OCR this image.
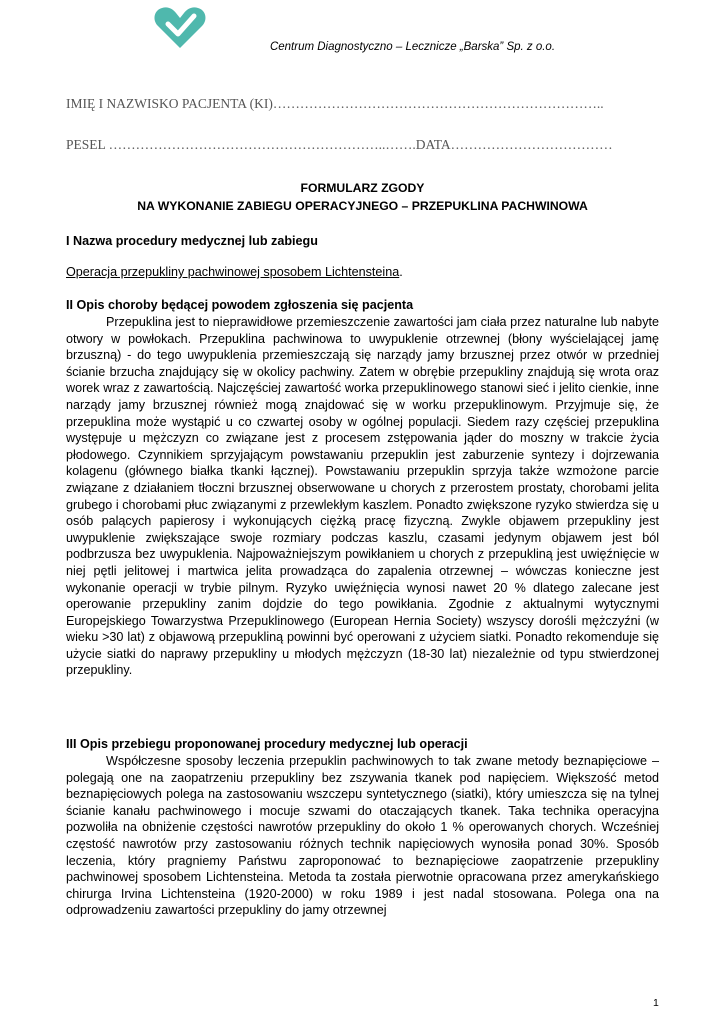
Centrum Diagnostyczno – Lecznicze „Barska” Sp. z o.o.
IMIĘ I NAZWISKO PACJENTA (KI)………………………………………………………………..
PESEL ……………………………………………………..…….DATA………………………………
FORMULARZ ZGODY
NA WYKONANIE ZABIEGU OPERACYJNEGO – PRZEPUKLINA PACHWINOWA
I Nazwa procedury medycznej lub zabiegu
Operacja przepukliny pachwinowej sposobem Lichtensteina.
II Opis choroby będącej powodem zgłoszenia się pacjenta

Przepuklina jest to nieprawidłowe przemieszczenie zawartości jam ciała przez naturalne lub nabyte otwory w powłokach. Przepuklina pachwinowa to uwypuklenie otrzewnej (błony wyścielającej jamę brzuszną) - do tego uwypuklenia przemieszczają się narządy jamy brzusznej przez otwór w przedniej ścianie brzucha znajdujący się w okolicy pachwiny. Zatem w obrębie przepukliny znajdują się wrota oraz worek wraz z zawartością. Najczęściej zawartość worka przepuklinowego stanowi sieć i jelito cienkie, inne narządy jamy brzusznej również mogą znajdować się w worku przepuklinowym. Przyjmuje się, że przepuklina może wystąpić u co czwartej osoby w ogólnej populacji. Siedem razy częściej przepuklina występuje u mężczyzn co związane jest z procesem zstępowania jąder do moszny w trakcie życia płodowego. Czynnikiem sprzyjającym powstawaniu przepuklin jest zaburzenie syntezy i dojrzewania kolagenu (głównego białka tkanki łącznej). Powstawaniu przepuklin sprzyja także wzmożone parcie związane z działaniem tłoczni brzusznej obserwowane u chorych z przerostem prostaty, chorobami jelita grubego i chorobami płuc związanymi z przewlekłym kaszlem. Ponadto zwiększone ryzyko stwierdza się u osób palących papierosy i wykonujących ciężką pracę fizyczną. Zwykle objawem przepukliny jest uwypuklenie zwiększające swoje rozmiary podczas kaszlu, czasami jedynym objawem jest ból podbrzusza bez uwypuklenia. Najpoważniejszym powikłaniem u chorych z przepukliną jest uwięźnięcie w niej pętli jelitowej i martwica jelita prowadząca do zapalenia otrzewnej – wówczas konieczne jest wykonanie operacji w trybie pilnym. Ryzyko uwięźnięcia wynosi nawet 20 % dlatego zalecane jest operowanie przepukliny zanim dojdzie do tego powikłania. Zgodnie z aktualnymi wytycznymi Europejskiego Towarzystwa Przepuklinowego (European Hernia Society) wszyscy dorośli mężczyźni (w wieku >30 lat) z objawową przepukliną powinni być operowani z użyciem siatki. Ponadto rekomenduje się użycie siatki do naprawy przepukliny u młodych mężczyzn (18-30 lat) niezależnie od typu stwierdzonej przepukliny.

III Opis przebiegu proponowanej procedury medycznej lub operacji

Współczesne sposoby leczenia przepuklin pachwinowych to tak zwane metody beznapięciowe – polegają one na zaopatrzeniu przepukliny bez zszywania tkanek pod napięciem. Większość metod beznapięciowych polega na zastosowaniu wszczepu syntetycznego (siatki), który umieszcza się na tylnej ścianie kanału pachwinowego i mocuje szwami do otaczających tkanek. Taka technika operacyjna pozwoliła na obniżenie częstości nawrotów przepukliny do około 1 % operowanych chorych. Wcześniej częstość nawrotów przy zastosowaniu różnych technik napięciowych wynosiła ponad 30%. Sposób leczenia, który pragniemy Państwu zaproponować to beznapięciowe zaopatrzenie przepukliny pachwinowej sposobem Lichtensteina. Metoda ta została pierwotnie opracowana przez amerykańskiego chirurga Irvina Lichtensteina (1920-2000) w roku 1989 i jest nadal stosowana. Polega ona na odprowadzeniu zawartości przepukliny do jamy otrzewnej

1
